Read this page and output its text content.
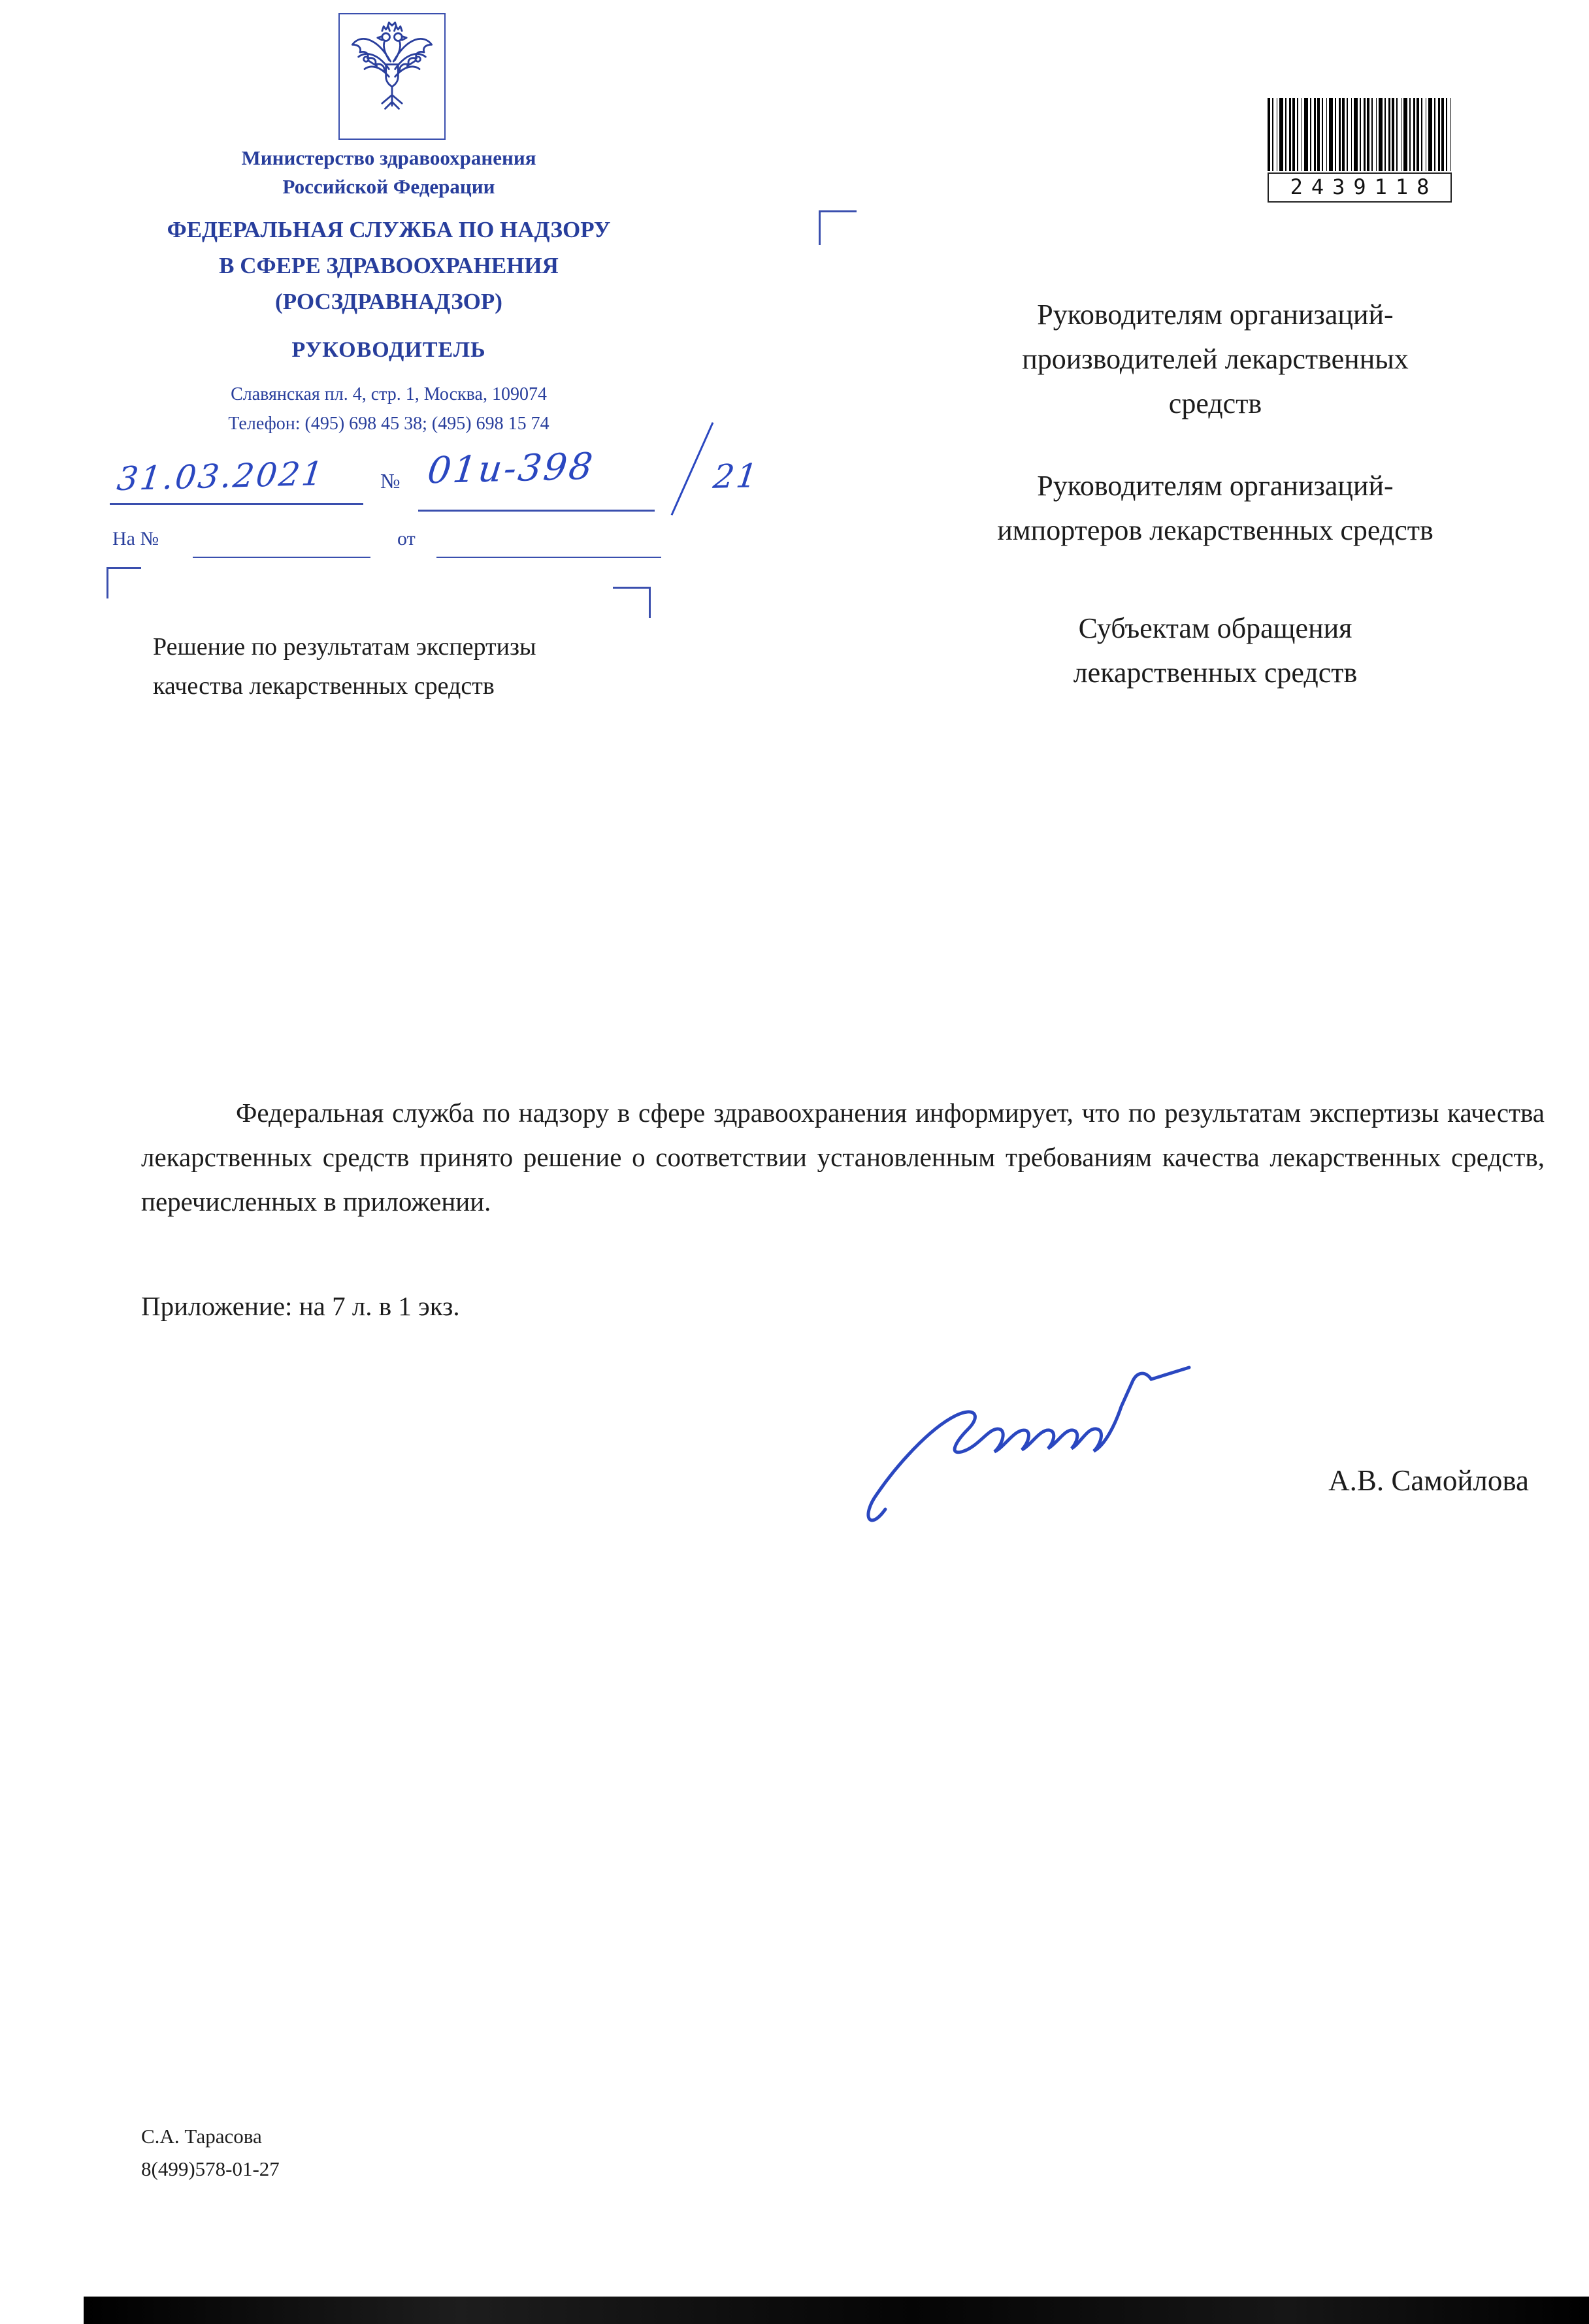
2439118
Министерство здравоохранения
Российской Федерации
ФЕДЕРАЛЬНАЯ СЛУЖБА ПО НАДЗОРУ
В СФЕРЕ ЗДРАВООХРАНЕНИЯ
(РОСЗДРАВНАДЗОР)
РУКОВОДИТЕЛЬ
Славянская пл. 4, стр. 1, Москва, 109074
Телефон: (495) 698 45 38; (495) 698 15 74
31.03.2021	№ 01и-398	21
На №	от
Решение по результатам экспертизы
качества лекарственных средств
Руководителям организаций-
производителей лекарственных
средств
Руководителям организаций-
импортеров лекарственных средств
Субъектам обращения
лекарственных средств

Федеральная служба по надзору в сфере здравоохранения информирует, что по результатам экспертизы качества лекарственных средств принято решение о соответствии установленным требованиям качества лекарственных средств, перечисленных в приложении.

Приложение: на 7 л. в 1 экз.
А.В. Самойлова
С.А. Тарасова
8(499)578-01-27
